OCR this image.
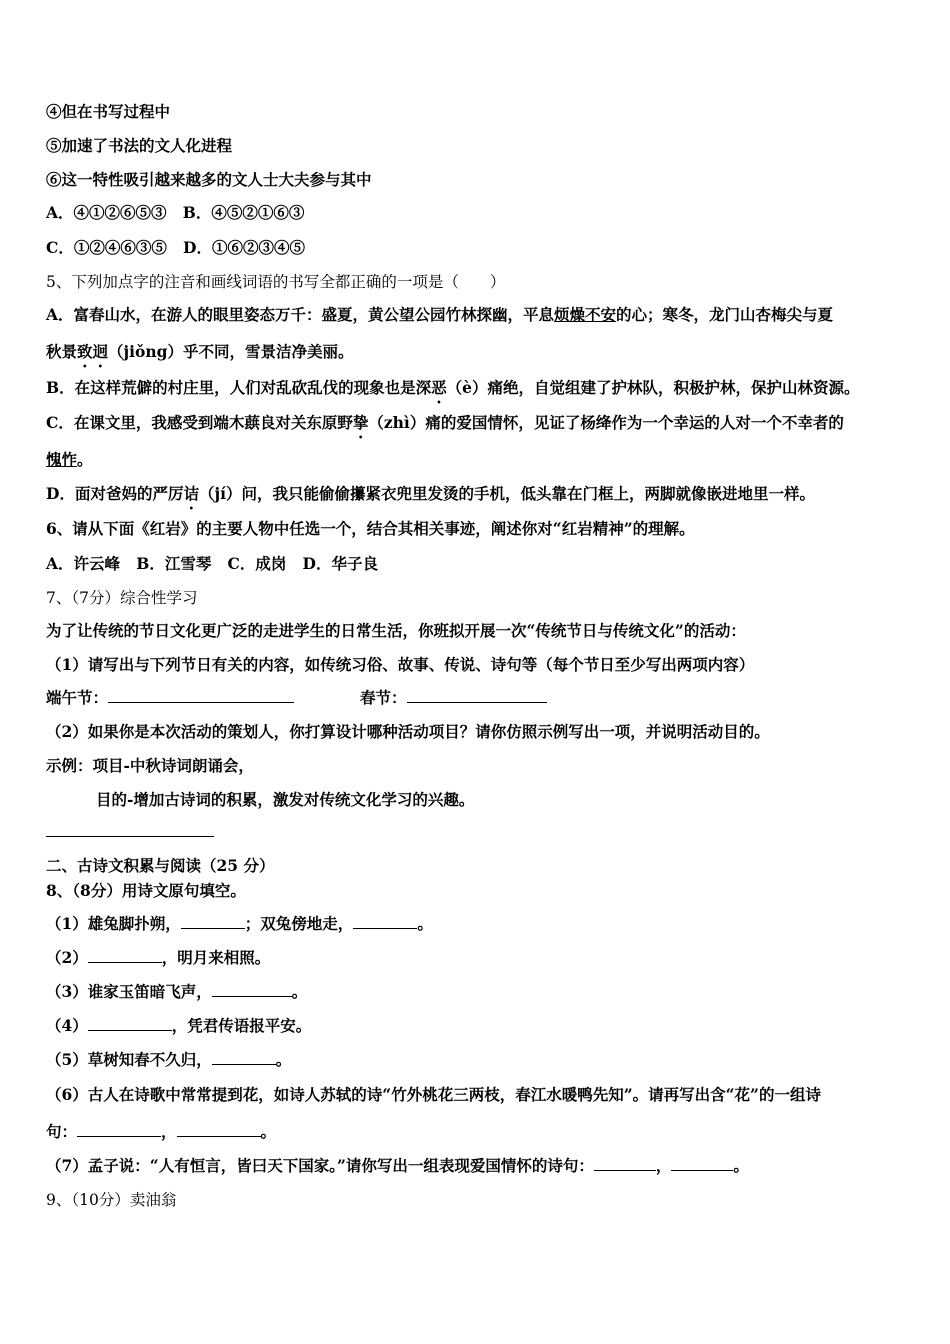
④但在书写过程中
⑤加速了书法的文人化进程
⑥这一特性吸引越来越多的文人士大夫参与其中
A．④①②⑥⑤③   B．④⑤②①⑥③
C．①②④⑥③⑤   D．①⑥②③④⑤
5、下列加点字的注音和画线词语的书写全都正确的一项是（　　）
A．富春山水，在游人的眼里姿态万千：盛夏，黄公望公园竹林探幽，平息烦燥不安的心；寒冬，龙门山杏梅尖与夏
秋景致迥（jiǒng）乎不同，雪景洁净美丽。
B．在这样荒僻的村庄里，人们对乱砍乱伐的现象也是深恶（è）痛绝，自觉组建了护林队，积极护林，保护山林资源。
C．在课文里，我感受到端木蕻良对关东原野挚（zhì）痛的爱国情怀，见证了杨绛作为一个幸运的人对一个不幸者的
愧怍。
D．面对爸妈的严厉诘（jí）问，我只能偷偷攥紧衣兜里发烫的手机，低头靠在门框上，两脚就像嵌进地里一样。
6、请从下面《红岩》的主要人物中任选一个，结合其相关事迹，阐述你对“红岩精神”的理解。
A．许云峰   B．江雪琴   C．成岗   D．华子良
7、（7分）综合性学习
为了让传统的节日文化更广泛的走进学生的日常生活，你班拟开展一次“传统节日与传统文化”的活动：
（1）请写出与下列节日有关的内容，如传统习俗、故事、传说、诗句等（每个节日至少写出两项内容）
端午节：	春节：
（2）如果你是本次活动的策划人，你打算设计哪种活动项目？请你仿照示例写出一项，并说明活动目的。
示例：项目-中秋诗词朗诵会，
目的-增加古诗词的积累，激发对传统文化学习的兴趣。
二、古诗文积累与阅读（25 分）
8、（8分）用诗文原句填空。
（1）雄兔脚扑朔，	；双兔傍地走，	。
（2）	，明月来相照。
（3）谁家玉笛暗飞声，	。
（4）	，凭君传语报平安。
（5）草树知春不久归，	。
（6）古人在诗歌中常常提到花，如诗人苏轼的诗“竹外桃花三两枝，春江水暖鸭先知”。请再写出含“花”的一组诗
句：	，	。
（7）孟子说：“人有恒言，皆曰天下国家。”请你写出一组表现爱国情怀的诗句：	，	。
9、（10分）卖油翁
